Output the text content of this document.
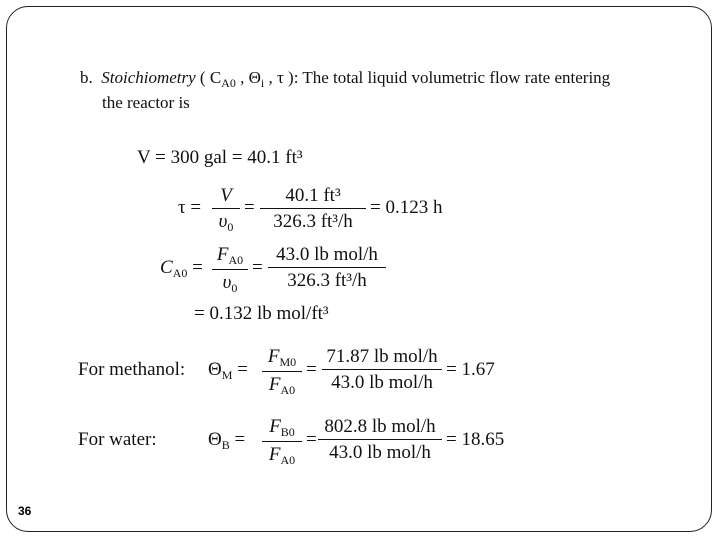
b. Stoichiometry ( $C_{A0}$ , $\Theta_i$ , τ ): The total liquid volumetric flow rate entering
the reactor is
V = 300 gal = 40.1 ft³
τ =
V
$\upsilon_0$
=
40.1 ft³
326.3 ft³/h
= 0.123 h
$C_{A0}$ =
$F_{A0}$
$\upsilon_0$
=
43.0 lb mol/h
326.3 ft³/h
= 0.132 lb mol/ft³
For methanol: $\Theta_M$ =
$F_{M0}$
$F_{A0}$
=
71.87 lb mol/h
43.0 lb mol/h
= 1.67
For water:	$\Theta_B$ =
$F_{B0}$
$F_{A0}$
=
802.8 lb mol/h
43.0 lb mol/h
= 18.65
36
